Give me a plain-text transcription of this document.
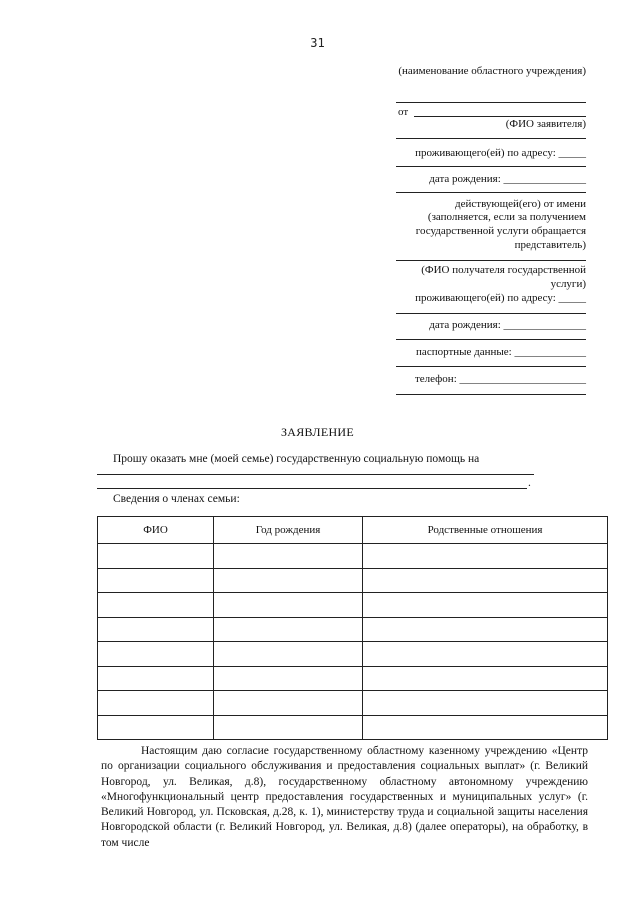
31
(наименование областного учреждения)
от
(ФИО заявителя)
проживающего(ей) по адресу: _____
дата рождения: _______________
действующей(его) от имени
(заполняется, если за получением государственной услуги обращается представитель)
(ФИО получателя государственной услуги)
проживающего(ей) по адресу: _____
дата рождения: _______________
паспортные данные: _____________
телефон: _______________________
ЗАЯВЛЕНИЕ
Прошу оказать мне (моей семье) государственную социальную помощь на
.
Сведения о членах семьи:
ФИО	Год рождения	Родственные отношения

Настоящим даю согласие государственному областному казенному учреждению «Центр по организации социального обслуживания и предоставления социальных выплат» (г. Великий Новгород, ул. Великая, д.8), государственному областному автономному учреждению «Многофункциональный центр предоставления государственных и муниципальных услуг» (г. Великий Новгород, ул. Псковская, д.28, к. 1), министерству труда и социальной защиты населения Новгородской области (г. Великий Новгород, ул. Великая, д.8) (далее операторы), на обработку, в том числе
